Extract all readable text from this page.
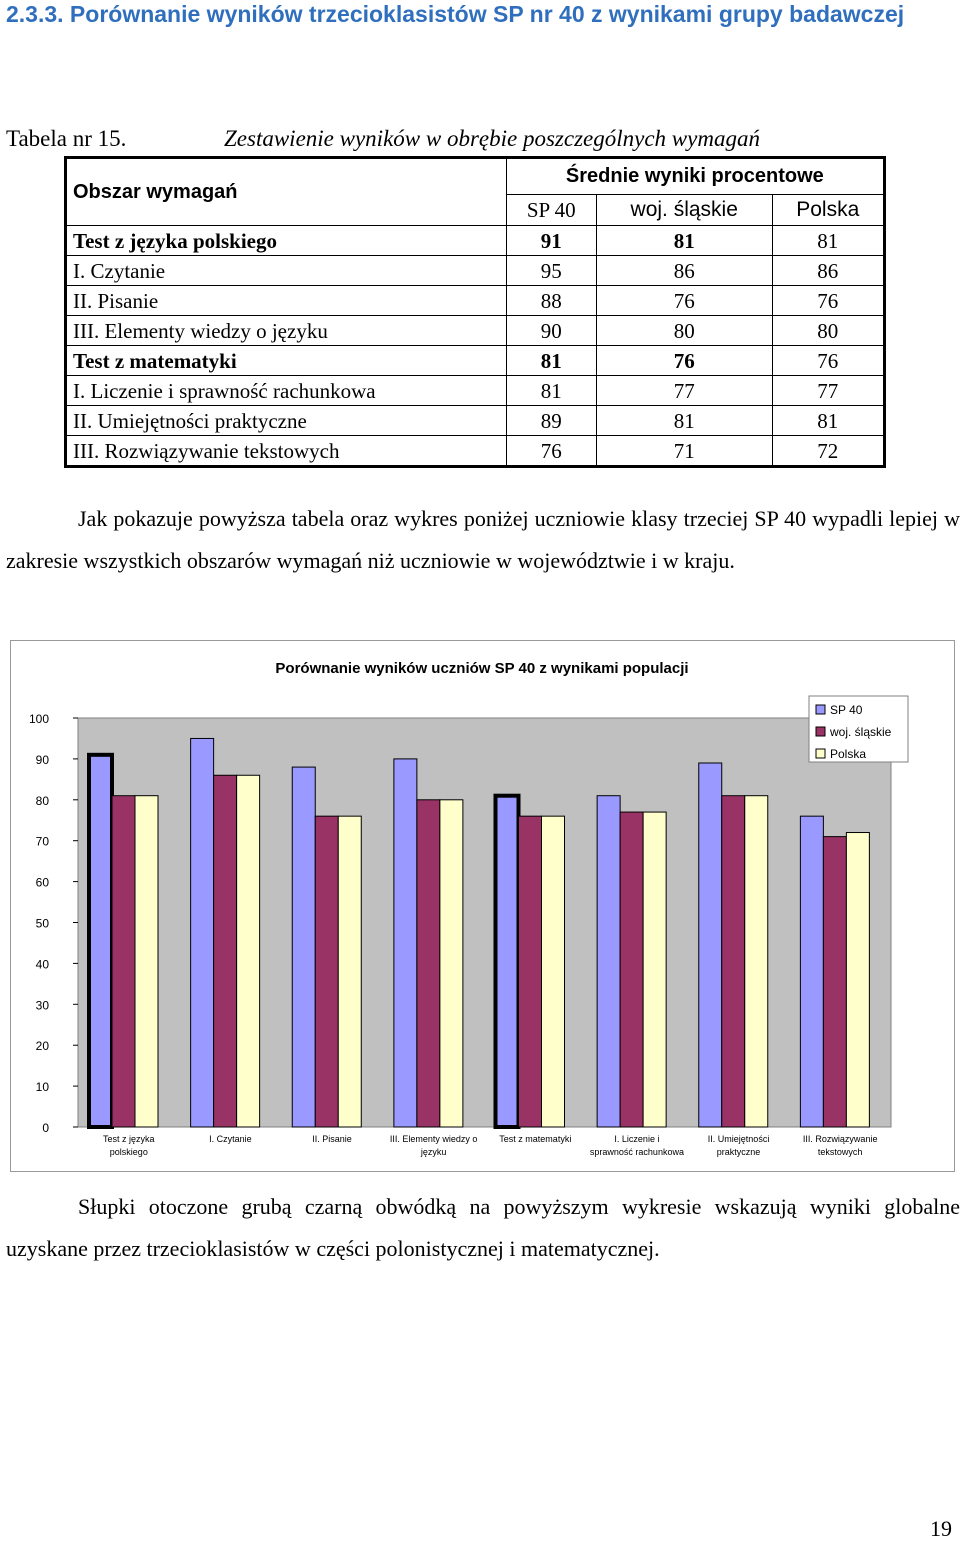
2.3.3. Porównanie wyników trzecioklasistów SP nr 40 z wynikami grupy badawczej
Tabela nr 15.	Zestawienie wyników w obrębie poszczególnych wymagań
Obszar wymagań	Średnie wyniki procentowe		
	SP 40	woj. śląskie	Polska
Test z języka polskiego	91	81	81
I. Czytanie	95	86	86
II. Pisanie	88	76	76
III. Elementy wiedzy o języku	90	80	80
Test z matematyki	81	76	76
I. Liczenie i sprawność rachunkowa	81	77	77
II. Umiejętności praktyczne	89	81	81
III. Rozwiązywanie tekstowych	76	71	72
Jak pokazuje powyższa tabela oraz wykres poniżej uczniowie klasy trzeciej SP 40 wypadli lepiej w zakresie wszystkich obszarów wymagań niż uczniowie w województwie i w kraju.
Porównanie wyników uczniów SP 40 z wynikami populacji
0
10
20
30
40
50
60
70
80
90
100
Test z języka polskiego
I. Czytanie	II. Pisanie	III. Elementy wiedzy o języku
Test z matematyki	I. Liczenie i sprawność rachunkowa
II. Umiejętności praktyczne
III. Rozwiązywanie tekstowych
SP 40
woj. śląskie
Polska
Słupki otoczone grubą czarną obwódką na powyższym wykresie wskazują wyniki globalne uzyskane przez trzecioklasistów w części polonistycznej i matematycznej.
19
